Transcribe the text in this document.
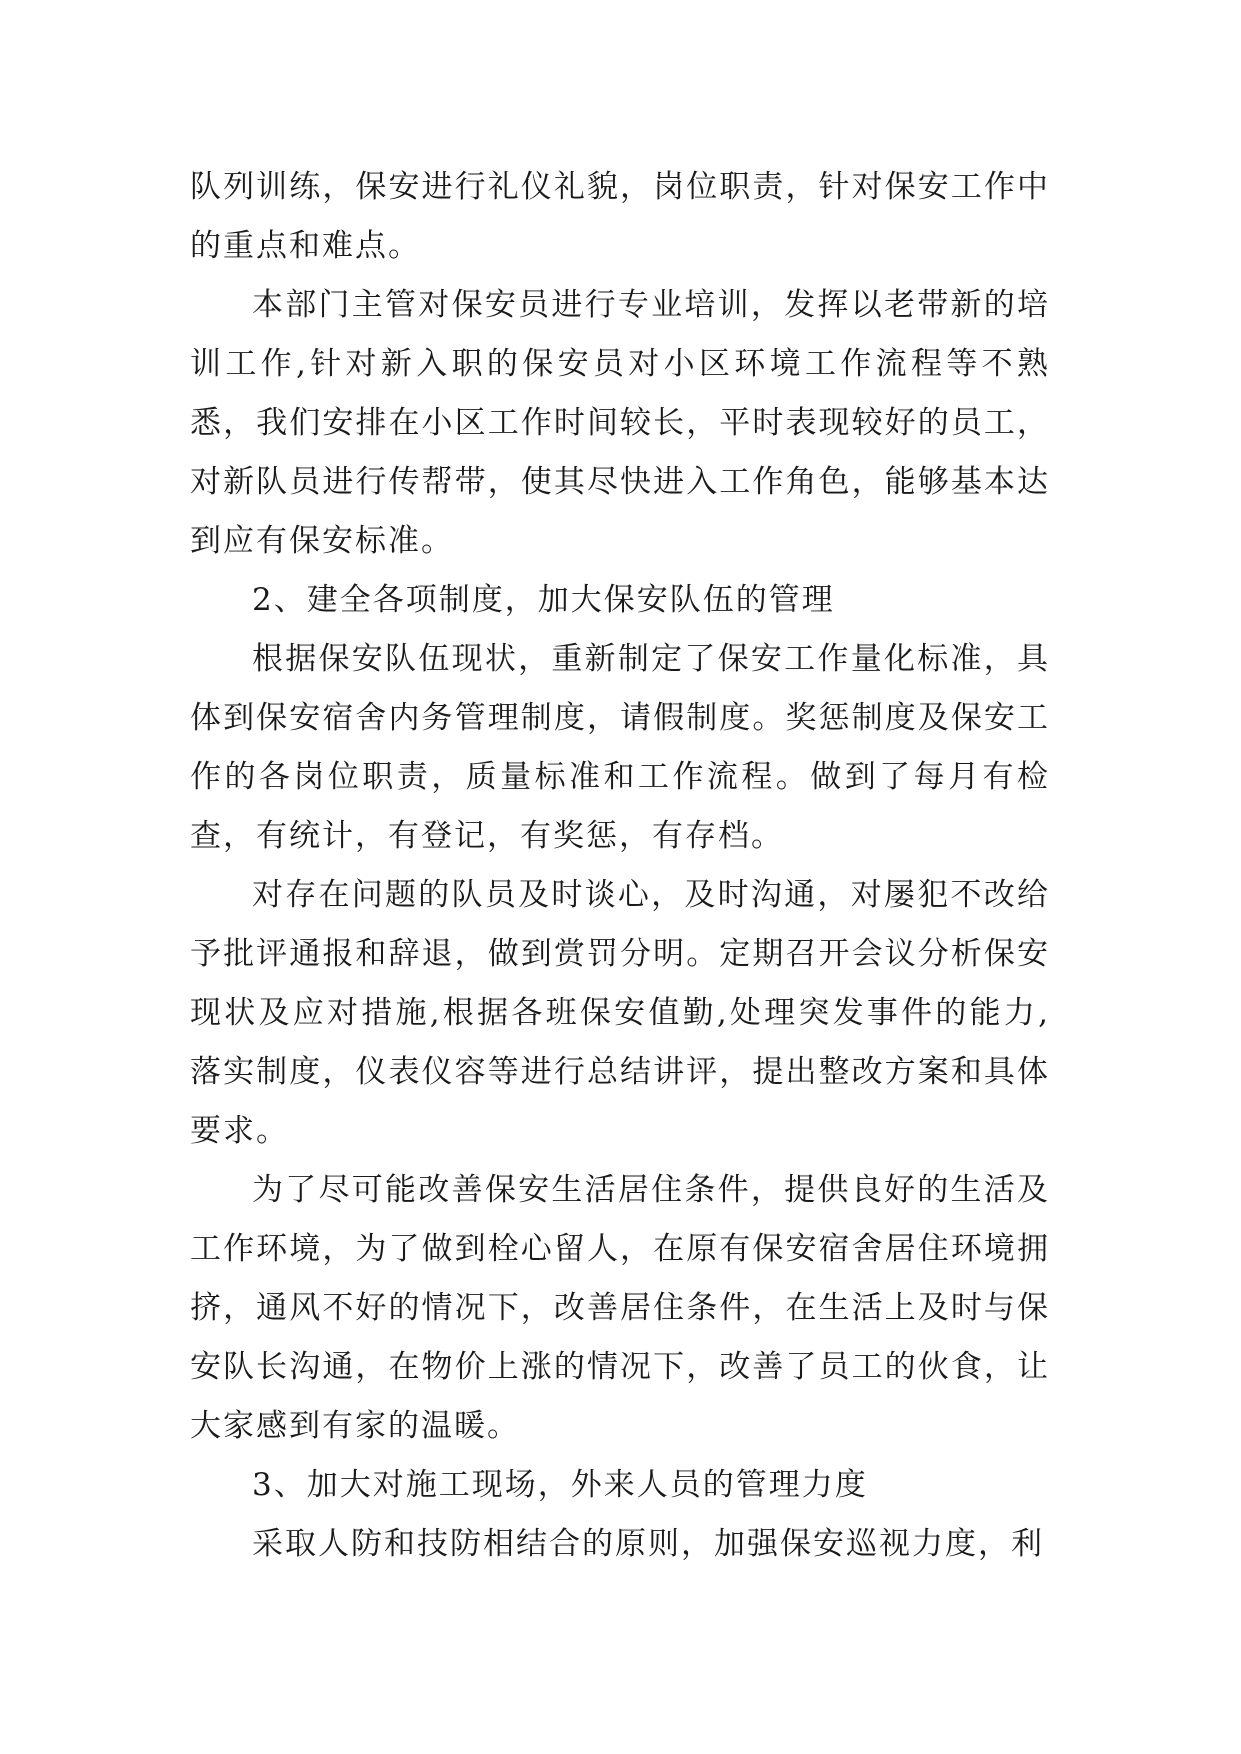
队列训练，保安进行礼仪礼貌，岗位职责，针对保安工作中的重点和难点。

本部门主管对保安员进行专业培训，发挥以老带新的培训工作,针对新入职的保安员对小区环境工作流程等不熟悉，我们安排在小区工作时间较长，平时表现较好的员工，对新队员进行传帮带，使其尽快进入工作角色，能够基本达到应有保安标准。

2、建全各项制度，加大保安队伍的管理

根据保安队伍现状，重新制定了保安工作量化标准，具体到保安宿舍内务管理制度，请假制度。奖惩制度及保安工作的各岗位职责，质量标准和工作流程。做到了每月有检查，有统计，有登记，有奖惩，有存档。

对存在问题的队员及时谈心，及时沟通，对屡犯不改给予批评通报和辞退，做到赏罚分明。定期召开会议分析保安现状及应对措施,根据各班保安值勤,处理突发事件的能力,落实制度，仪表仪容等进行总结讲评，提出整改方案和具体要求。

为了尽可能改善保安生活居住条件，提供良好的生活及工作环境，为了做到栓心留人，在原有保安宿舍居住环境拥挤，通风不好的情况下，改善居住条件，在生活上及时与保安队长沟通，在物价上涨的情况下，改善了员工的伙食，让大家感到有家的温暖。

3、加大对施工现场，外来人员的管理力度

采取人防和技防相结合的原则，加强保安巡视力度，利
